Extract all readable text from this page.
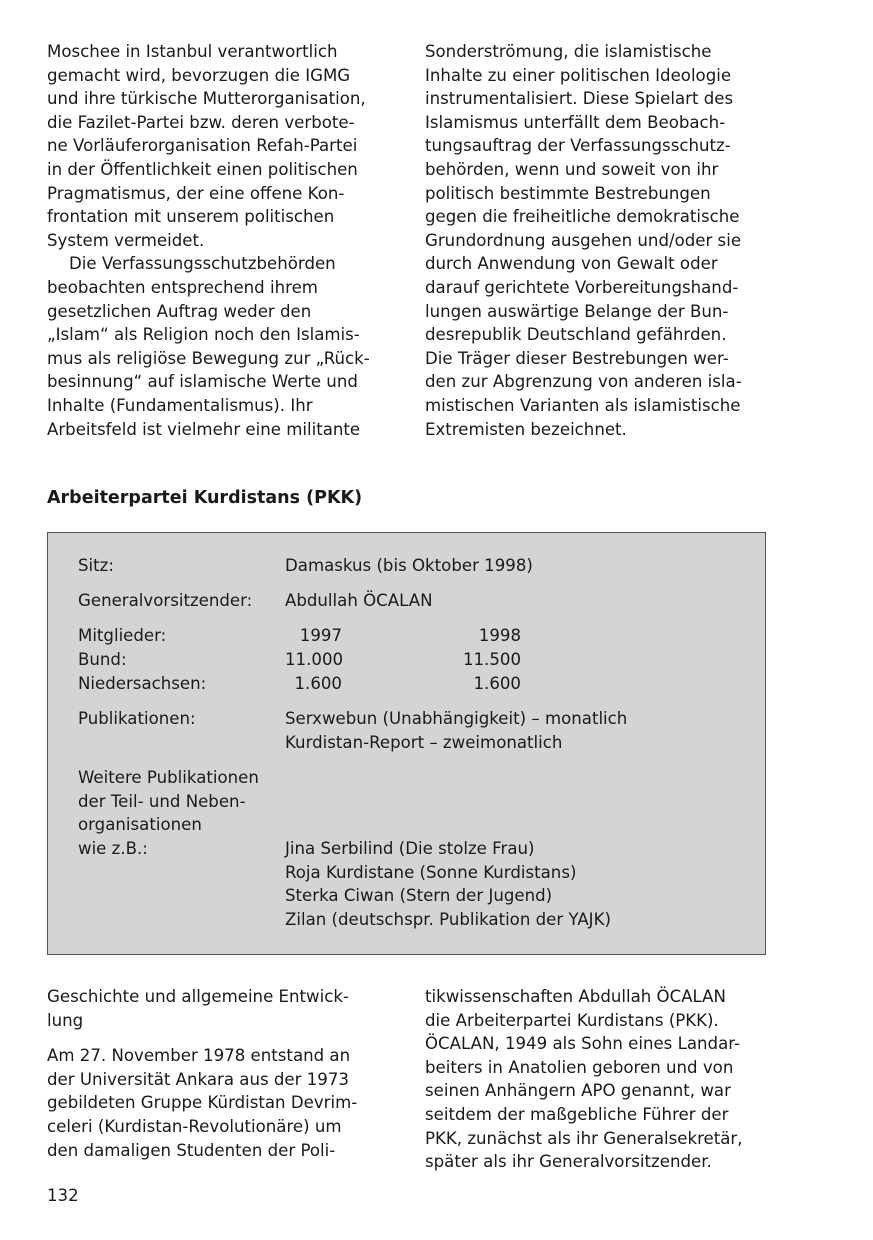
Moschee in Istanbul verantwortlich
gemacht wird, bevorzugen die IGMG
und ihre türkische Mutterorganisation,
die Fazilet-Partei bzw. deren verbote-
ne Vorläuferorganisation Refah-Partei
in der Öffentlichkeit einen politischen
Pragmatismus, der eine offene Kon-
frontation mit unserem politischen
System vermeidet.
Die Verfassungsschutzbehörden
beobachten entsprechend ihrem
gesetzlichen Auftrag weder den
„Islam“ als Religion noch den Islamis-
mus als religiöse Bewegung zur „Rück-
besinnung“ auf islamische Werte und
Inhalte (Fundamentalismus). Ihr
Arbeitsfeld ist vielmehr eine militante
Sonderströmung, die islamistische
Inhalte zu einer politischen Ideologie
instrumentalisiert. Diese Spielart des
Islamismus unterfällt dem Beobach-
tungsauftrag der Verfassungsschutz-
behörden, wenn und soweit von ihr
politisch bestimmte Bestrebungen
gegen die freiheitliche demokratische
Grundordnung ausgehen und/oder sie
durch Anwendung von Gewalt oder
darauf gerichtete Vorbereitungshand-
lungen auswärtige Belange der Bun-
desrepublik Deutschland gefährden.
Die Träger dieser Bestrebungen wer-
den zur Abgrenzung von anderen isla-
mistischen Varianten als islamistische
Extremisten bezeichnet.
Arbeiterpartei Kurdistans (PKK)
Sitz:	Damaskus (bis Oktober 1998)
Generalvorsitzender: Abdullah ÖCALAN
Mitglieder:	1997	1998
Bund:	11.000	11.500
Niedersachsen:	1.600	1.600
Publikationen:	Serxwebun (Unabhängigkeit) – monatlich
Kurdistan-Report – zweimonatlich
Weitere Publikationen
der Teil- und Neben-
organisationen
wie z.B.:	Jina Serbilind (Die stolze Frau)
Roja Kurdistane (Sonne Kurdistans)
Sterka Ciwan (Stern der Jugend)
Zilan (deutschspr. Publikation der YAJK)
Geschichte und allgemeine Entwick-
lung
Am 27. November 1978 entstand an
der Universität Ankara aus der 1973
gebildeten Gruppe Kürdistan Devrim-
celeri (Kurdistan-Revolutionäre) um
den damaligen Studenten der Poli-
tikwissenschaften Abdullah ÖCALAN
die Arbeiterpartei Kurdistans (PKK).
ÖCALAN, 1949 als Sohn eines Landar-
beiters in Anatolien geboren und von
seinen Anhängern APO genannt, war
seitdem der maßgebliche Führer der
PKK, zunächst als ihr Generalsekretär,
später als ihr Generalvorsitzender.
132
